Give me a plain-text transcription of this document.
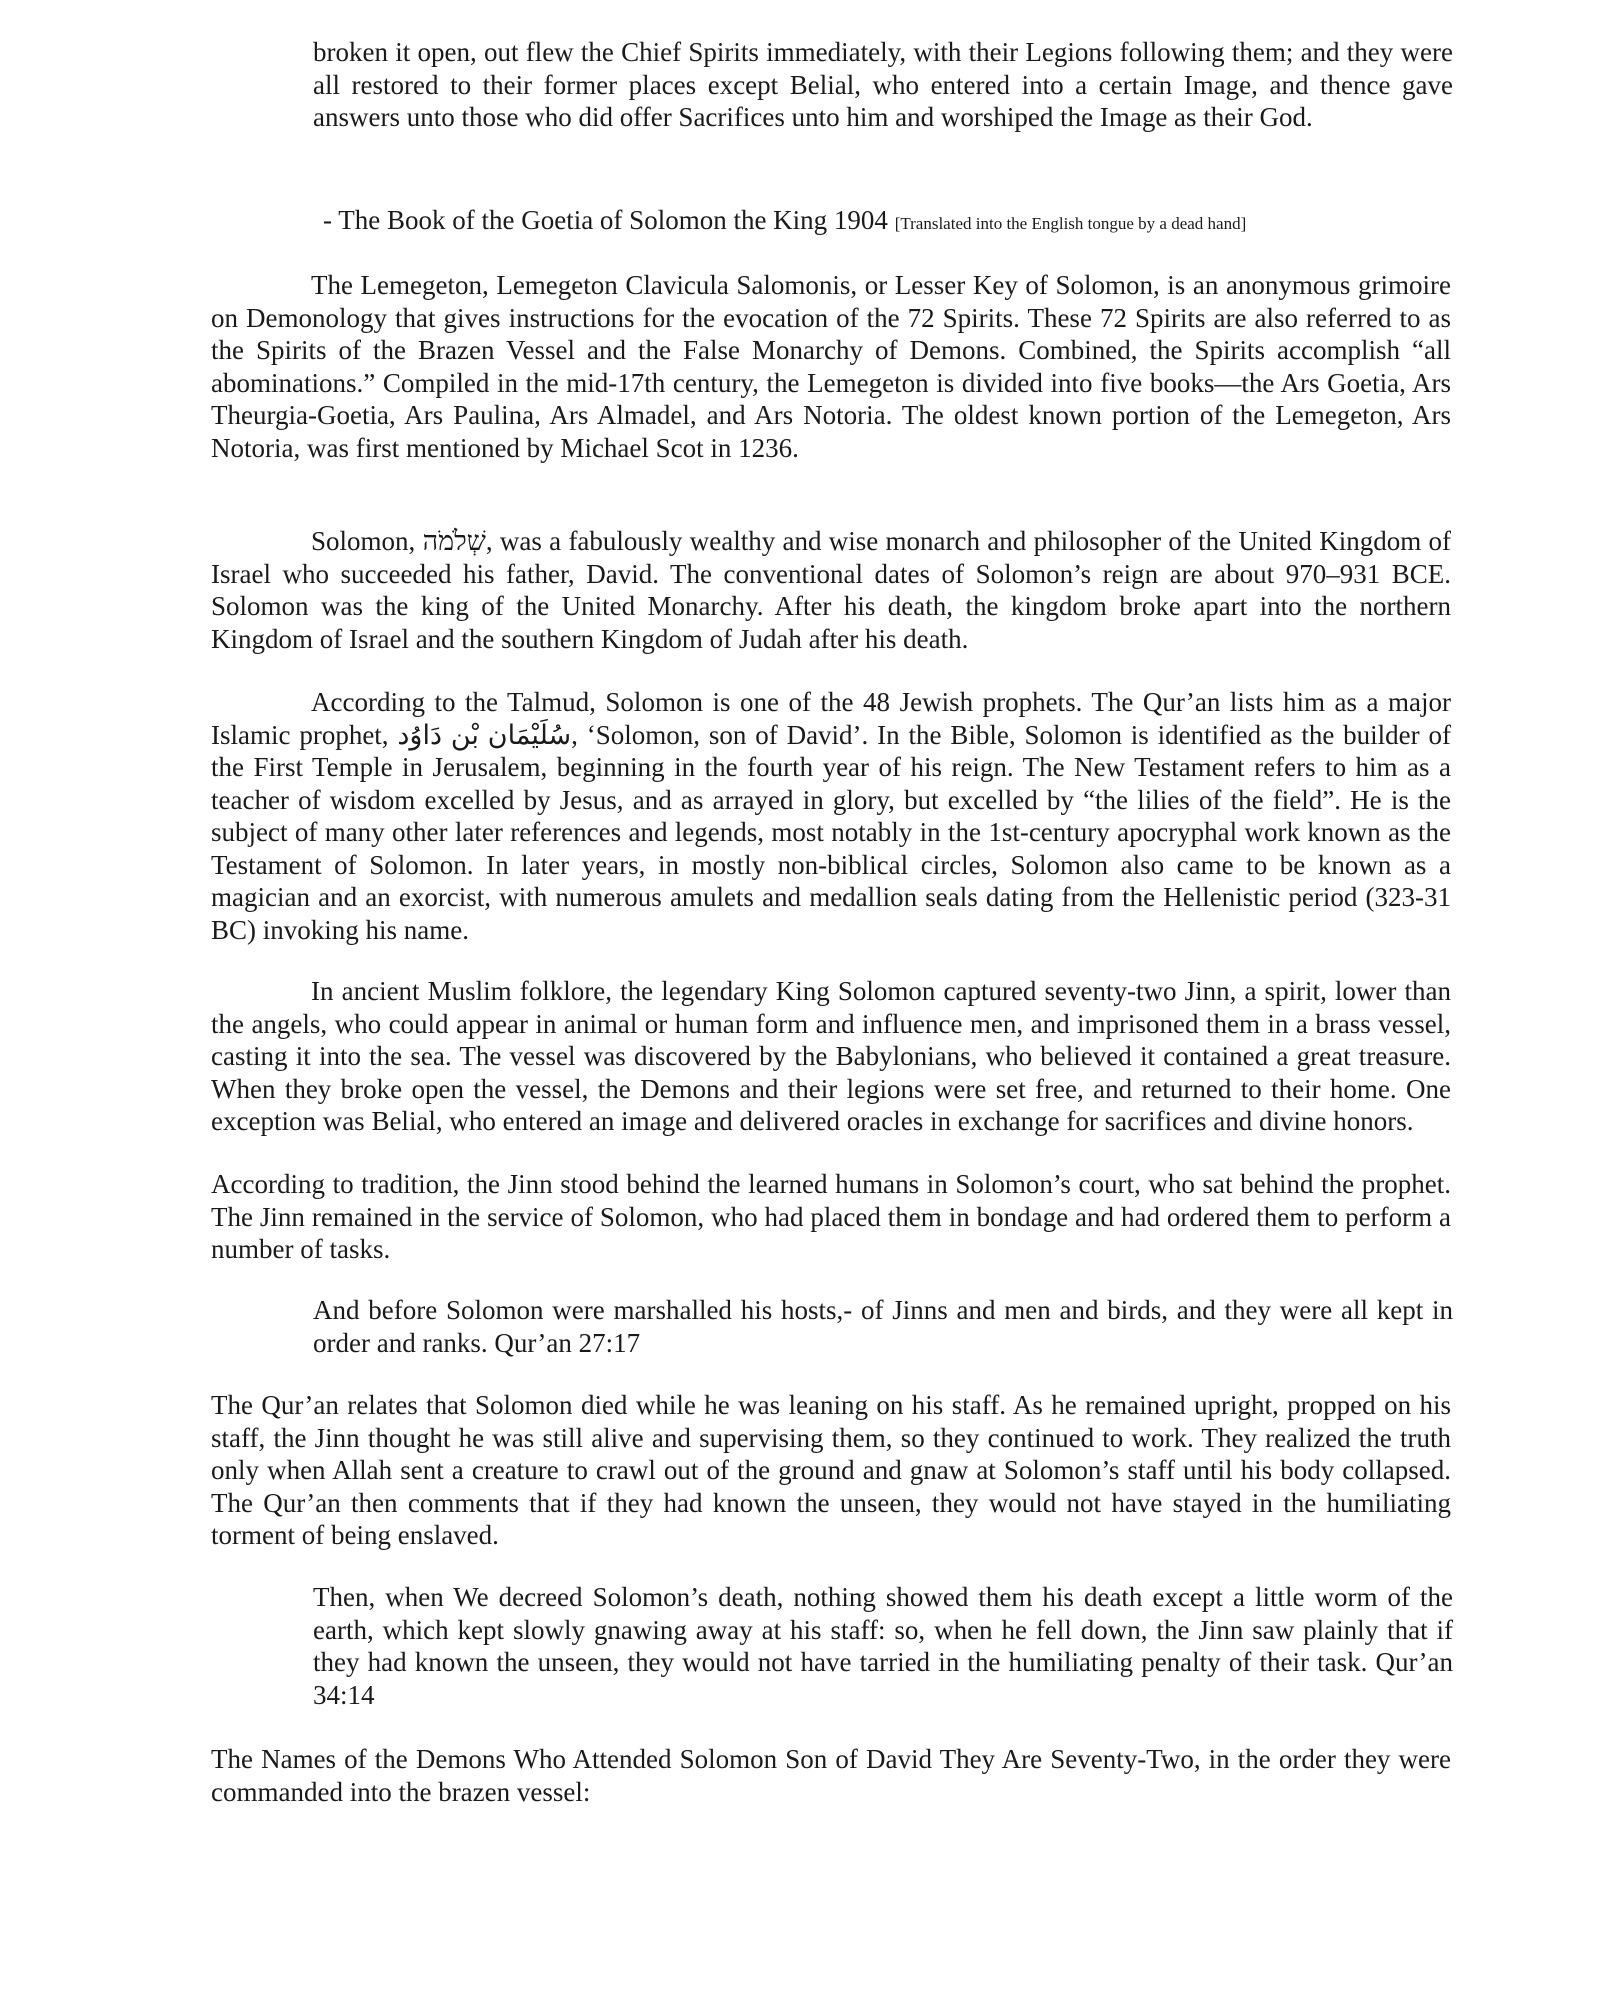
broken it open, out flew the Chief Spirits immediately, with their Legions following them; and they were all restored to their former places except Belial, who entered into a certain Image, and thence gave answers unto those who did offer Sacrifices unto him and worshiped the Image as their God.

- The Book of the Goetia of Solomon the King 1904 [Translated into the English tongue by a dead hand]

The Lemegeton, Lemegeton Clavicula Salomonis, or Lesser Key of Solomon, is an anonymous grimoire on Demonology that gives instructions for the evocation of the 72 Spirits. These 72 Spirits are also referred to as the Spirits of the Brazen Vessel and the False Monarchy of Demons. Combined, the Spirits accomplish “all abominations.” Compiled in the mid-17th century, the Lemegeton is divided into five books—the Ars Goetia, Ars Theurgia-Goetia, Ars Paulina, Ars Almadel, and Ars Notoria. The oldest known portion of the Lemegeton, Ars Notoria, was first mentioned by Michael Scot in 1236.

Solomon, שְׁלֹמֹה, was a fabulously wealthy and wise monarch and philosopher of the United Kingdom of Israel who succeeded his father, David. The conventional dates of Solomon’s reign are about 970–931 BCE. Solomon was the king of the United Monarchy. After his death, the kingdom broke apart into the northern Kingdom of Israel and the southern Kingdom of Judah after his death.

According to the Talmud, Solomon is one of the 48 Jewish prophets. The Qur’an lists him as a major Islamic prophet, سُلَيْمَان بْن دَاوُد, ‘Solomon, son of David’. In the Bible, Solomon is identified as the builder of the First Temple in Jerusalem, beginning in the fourth year of his reign. The New Testament refers to him as a teacher of wisdom excelled by Jesus, and as arrayed in glory, but excelled by “the lilies of the field”. He is the subject of many other later references and legends, most notably in the 1st-century apocryphal work known as the Testament of Solomon. In later years, in mostly non-biblical circles, Solomon also came to be known as a magician and an exorcist, with numerous amulets and medallion seals dating from the Hellenistic period (323-31 BC) invoking his name.

In ancient Muslim folklore, the legendary King Solomon captured seventy-two Jinn, a spirit, lower than the angels, who could appear in animal or human form and influence men, and imprisoned them in a brass vessel, casting it into the sea. The vessel was discovered by the Babylonians, who believed it contained a great treasure. When they broke open the vessel, the Demons and their legions were set free, and returned to their home. One exception was Belial, who entered an image and delivered oracles in exchange for sacrifices and divine honors.

According to tradition, the Jinn stood behind the learned humans in Solomon’s court, who sat behind the prophet. The Jinn remained in the service of Solomon, who had placed them in bondage and had ordered them to perform a number of tasks.

And before Solomon were marshalled his hosts,- of Jinns and men and birds, and they were all kept in order and ranks. Qur’an 27:17

The Qur’an relates that Solomon died while he was leaning on his staff. As he remained upright, propped on his staff, the Jinn thought he was still alive and supervising them, so they continued to work. They realized the truth only when Allah sent a creature to crawl out of the ground and gnaw at Solomon’s staff until his body collapsed. The Qur’an then comments that if they had known the unseen, they would not have stayed in the humiliating torment of being enslaved.

Then, when We decreed Solomon’s death, nothing showed them his death except a little worm of the earth, which kept slowly gnawing away at his staff: so, when he fell down, the Jinn saw plainly that if they had known the unseen, they would not have tarried in the humiliating penalty of their task. Qur’an 34:14

The Names of the Demons Who Attended Solomon Son of David They Are Seventy-Two, in the order they were commanded into the brazen vessel:
